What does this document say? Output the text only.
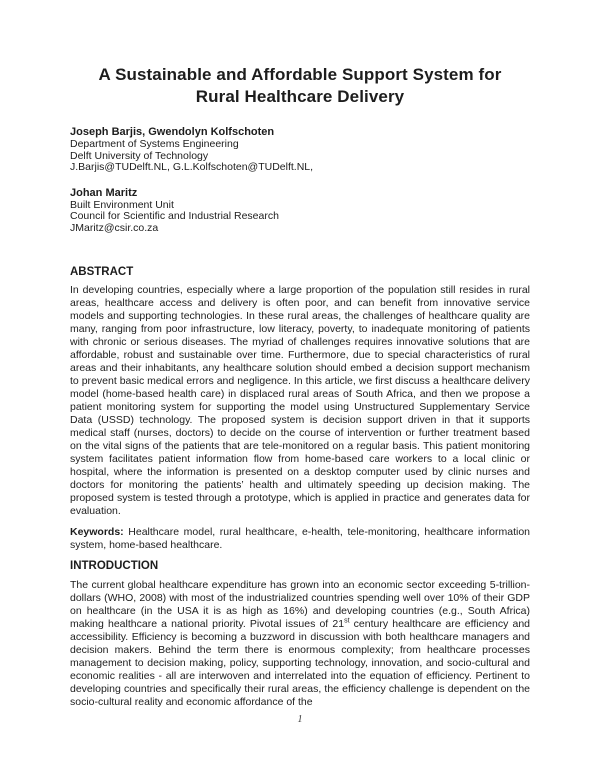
A Sustainable and Affordable Support System for
Rural Healthcare Delivery
Joseph Barjis, Gwendolyn Kolfschoten
Department of Systems Engineering
Delft University of Technology
J.Barjis@TUDelft.NL, G.L.Kolfschoten@TUDelft.NL,
Johan Maritz
Built Environment Unit
Council for Scientific and Industrial Research
JMaritz@csir.co.za
ABSTRACT
In developing countries, especially where a large proportion of the population still resides in rural areas, healthcare access and delivery is often poor, and can benefit from innovative service models and supporting technologies. In these rural areas, the challenges of healthcare quality are many, ranging from poor infrastructure, low literacy, poverty, to inadequate monitoring of patients with chronic or serious diseases. The myriad of challenges requires innovative solutions that are affordable, robust and sustainable over time. Furthermore, due to special characteristics of rural areas and their inhabitants, any healthcare solution should embed a decision support mechanism to prevent basic medical errors and negligence. In this article, we first discuss a healthcare delivery model (home-based health care) in displaced rural areas of South Africa, and then we propose a patient monitoring system for supporting the model using Unstructured Supplementary Service Data (USSD) technology. The proposed system is decision support driven in that it supports medical staff (nurses, doctors) to decide on the course of intervention or further treatment based on the vital signs of the patients that are tele-monitored on a regular basis. This patient monitoring system facilitates patient information flow from home-based care workers to a local clinic or hospital, where the information is presented on a desktop computer used by clinic nurses and doctors for monitoring the patients’ health and ultimately speeding up decision making. The proposed system is tested through a prototype, which is applied in practice and generates data for evaluation.
Keywords: Healthcare model, rural healthcare, e-health, tele-monitoring, healthcare information system, home-based healthcare.
INTRODUCTION
The current global healthcare expenditure has grown into an economic sector exceeding 5-trillion-dollars (WHO, 2008) with most of the industrialized countries spending well over 10% of their GDP on healthcare (in the USA it is as high as 16%) and developing countries (e.g., South Africa) making healthcare a national priority. Pivotal issues of 21st century healthcare are efficiency and accessibility. Efficiency is becoming a buzzword in discussion with both healthcare managers and decision makers. Behind the term there is enormous complexity; from healthcare processes management to decision making, policy, supporting technology, innovation, and socio-cultural and economic realities - all are interwoven and interrelated into the equation of efficiency. Pertinent to developing countries and specifically their rural areas, the efficiency challenge is dependent on the socio-cultural reality and economic affordance of the
1
